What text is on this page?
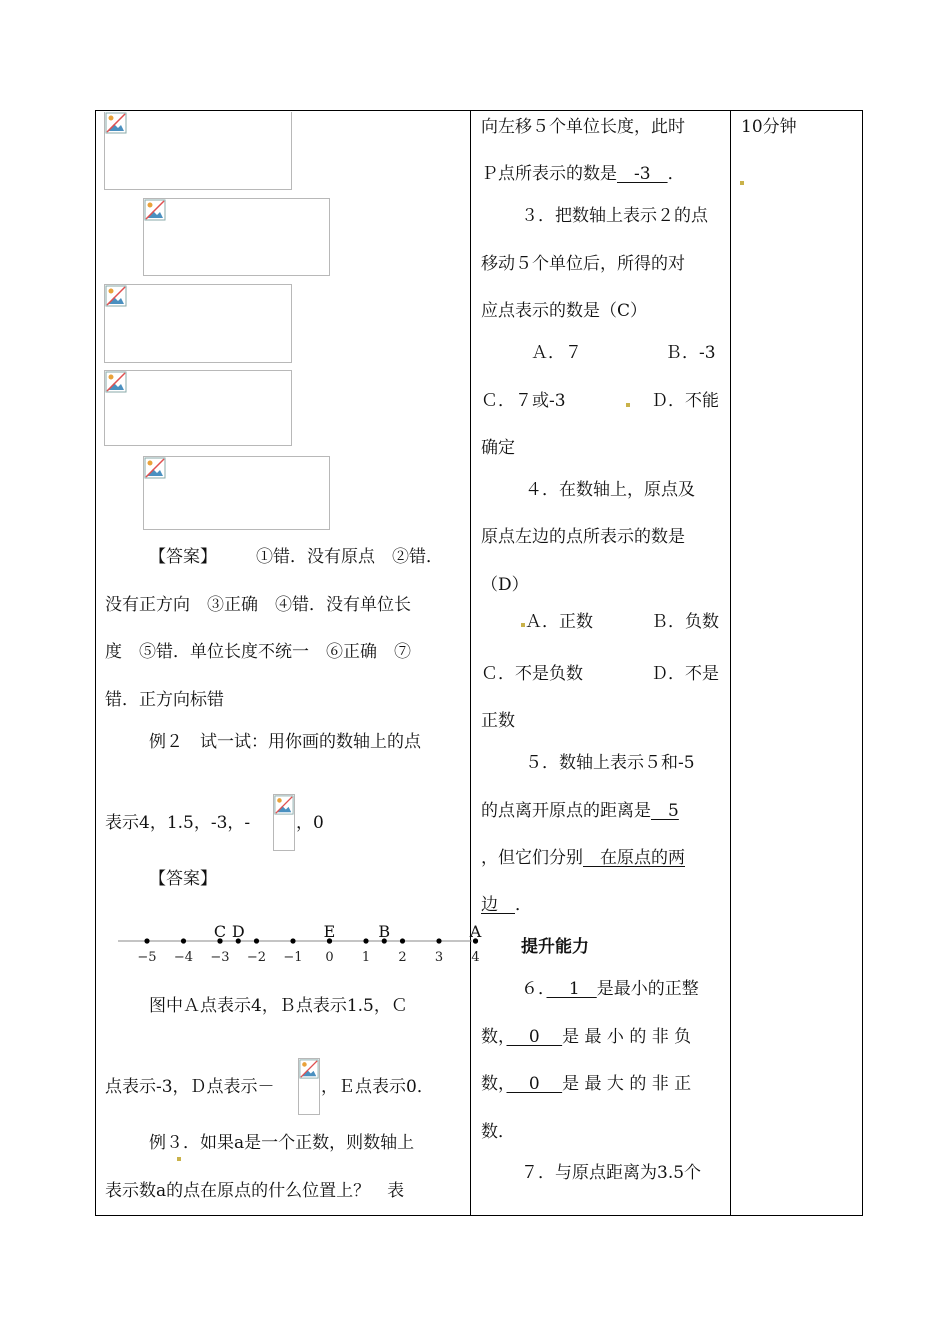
【答案】 ①错．没有原点　②错．
没有正方向　③正确　④错．没有单位长
度　⑤错．单位长度不统一　⑥正确　⑦
错．正方向标错
例２　试一试：用你画的数轴上的点
表示4，1.5，-3，-	，0
【答案】
−5 −4 −3 −2 −1 0 1 2 3 4
C D	E	B	A
图中Ａ点表示4，Ｂ点表示1.5，Ｃ
点表示-3，Ｄ点表示－	，Ｅ点表示0．
例３．如果a是一个正数，则数轴上
表示数a的点在原点的什么位置上？　表
向左移５个单位长度，此时
Ｐ点所表示的数是　-3　．
３．把数轴上表示２的点
移动５个单位后，所得的对
应点表示的数是（C）
Ａ．７	Ｂ．-3
Ｃ．７或-3	Ｄ．不能
确定
４．在数轴上，原点及
原点左边的点所表示的数是
（D）
Ａ．正数	Ｂ．负数
Ｃ．不是负数	Ｄ．不是
正数
５．数轴上表示５和-5
的点离开原点的距离是　5
，但它们分别　在原点的两
边　．
提升能力
６．　 1　是最小的正整
数，　 0　 是 最 小 的 非 负
数，　 0　 是 最 大 的 非 正
数．
７．与原点距离为3.5个
10分钟
